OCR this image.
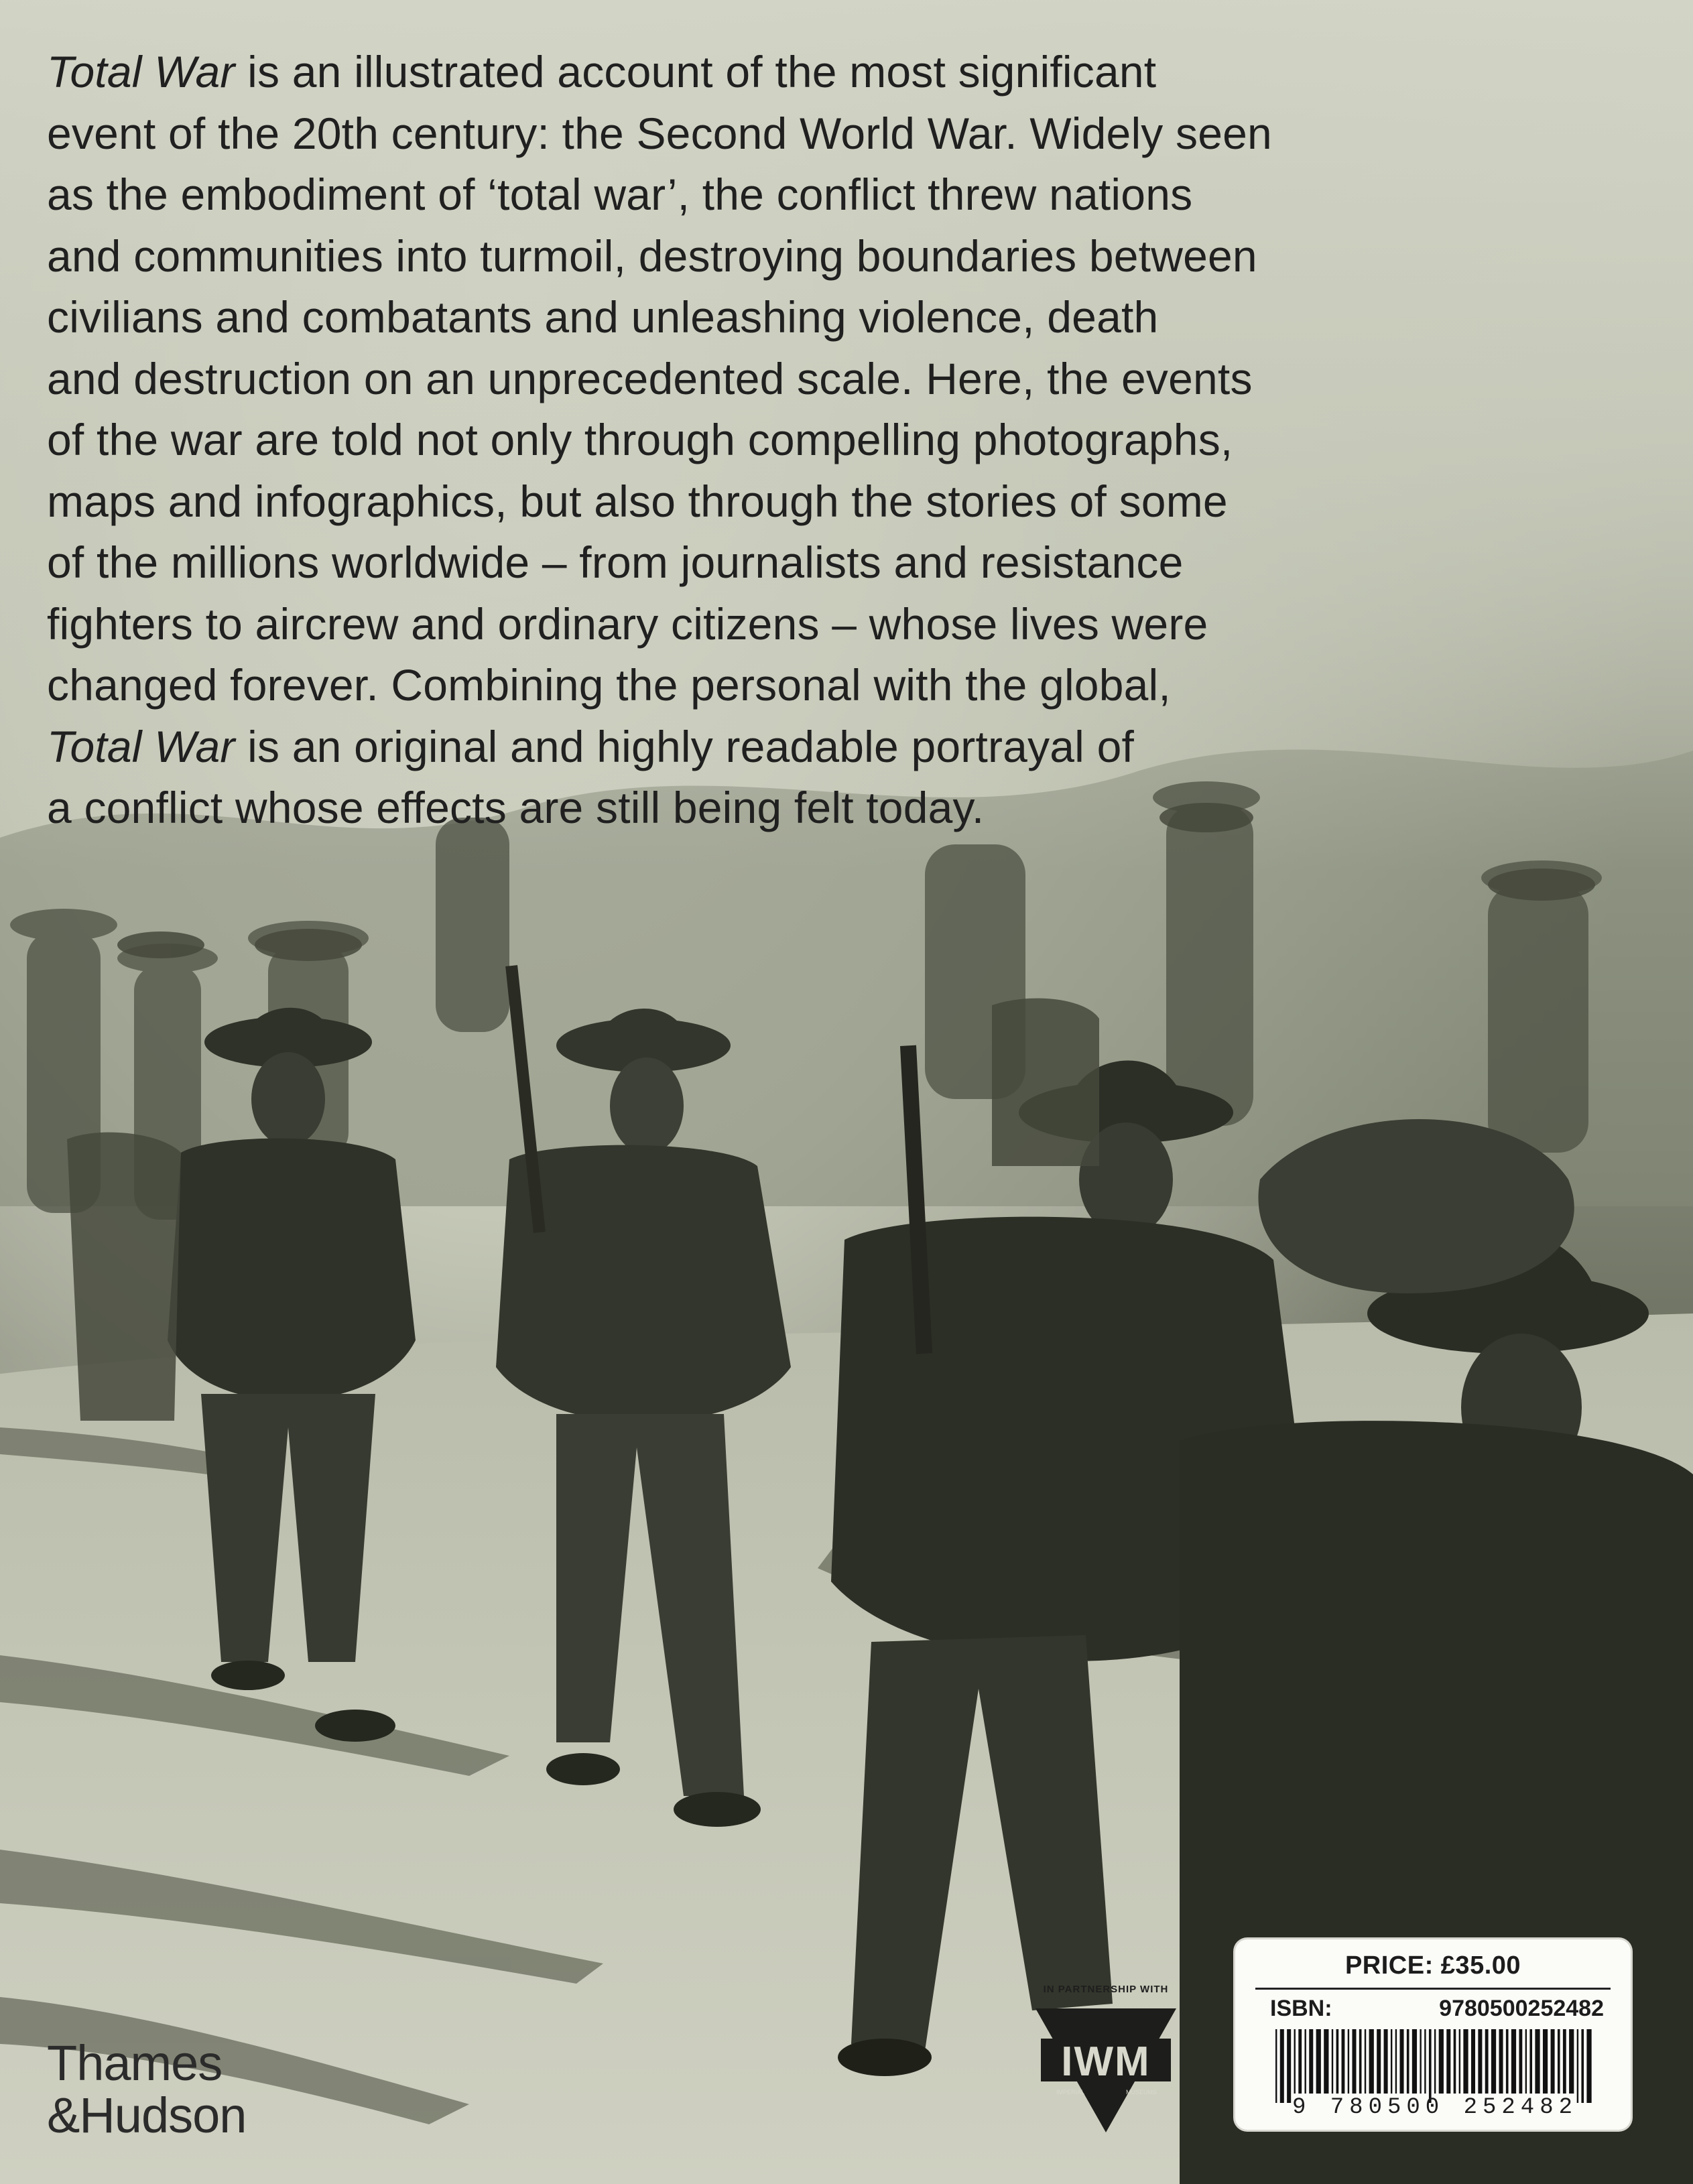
Total War is an illustrated account of the most significant
event of the 20th century: the Second World War. Widely seen
as the embodiment of ‘total war’, the conflict threw nations
and communities into turmoil, destroying boundaries between
civilians and combatants and unleashing violence, death
and destruction on an unprecedented scale. Here, the events
of the war are told not only through compelling photographs,
maps and infographics, but also through the stories of some
of the millions worldwide – from journalists and resistance
fighters to aircrew and ordinary citizens – whose lives were
changed forever. Combining the personal with the global,
Total War is an original and highly readable portrayal of
a conflict whose effects are still being felt today.
Thames
&Hudson
IN PARTNERSHIP WITH
IWM
IMPERIAL	MUSEUMS
PRICE: £35.00
ISBN:	9780500252482
9 780500 252482
